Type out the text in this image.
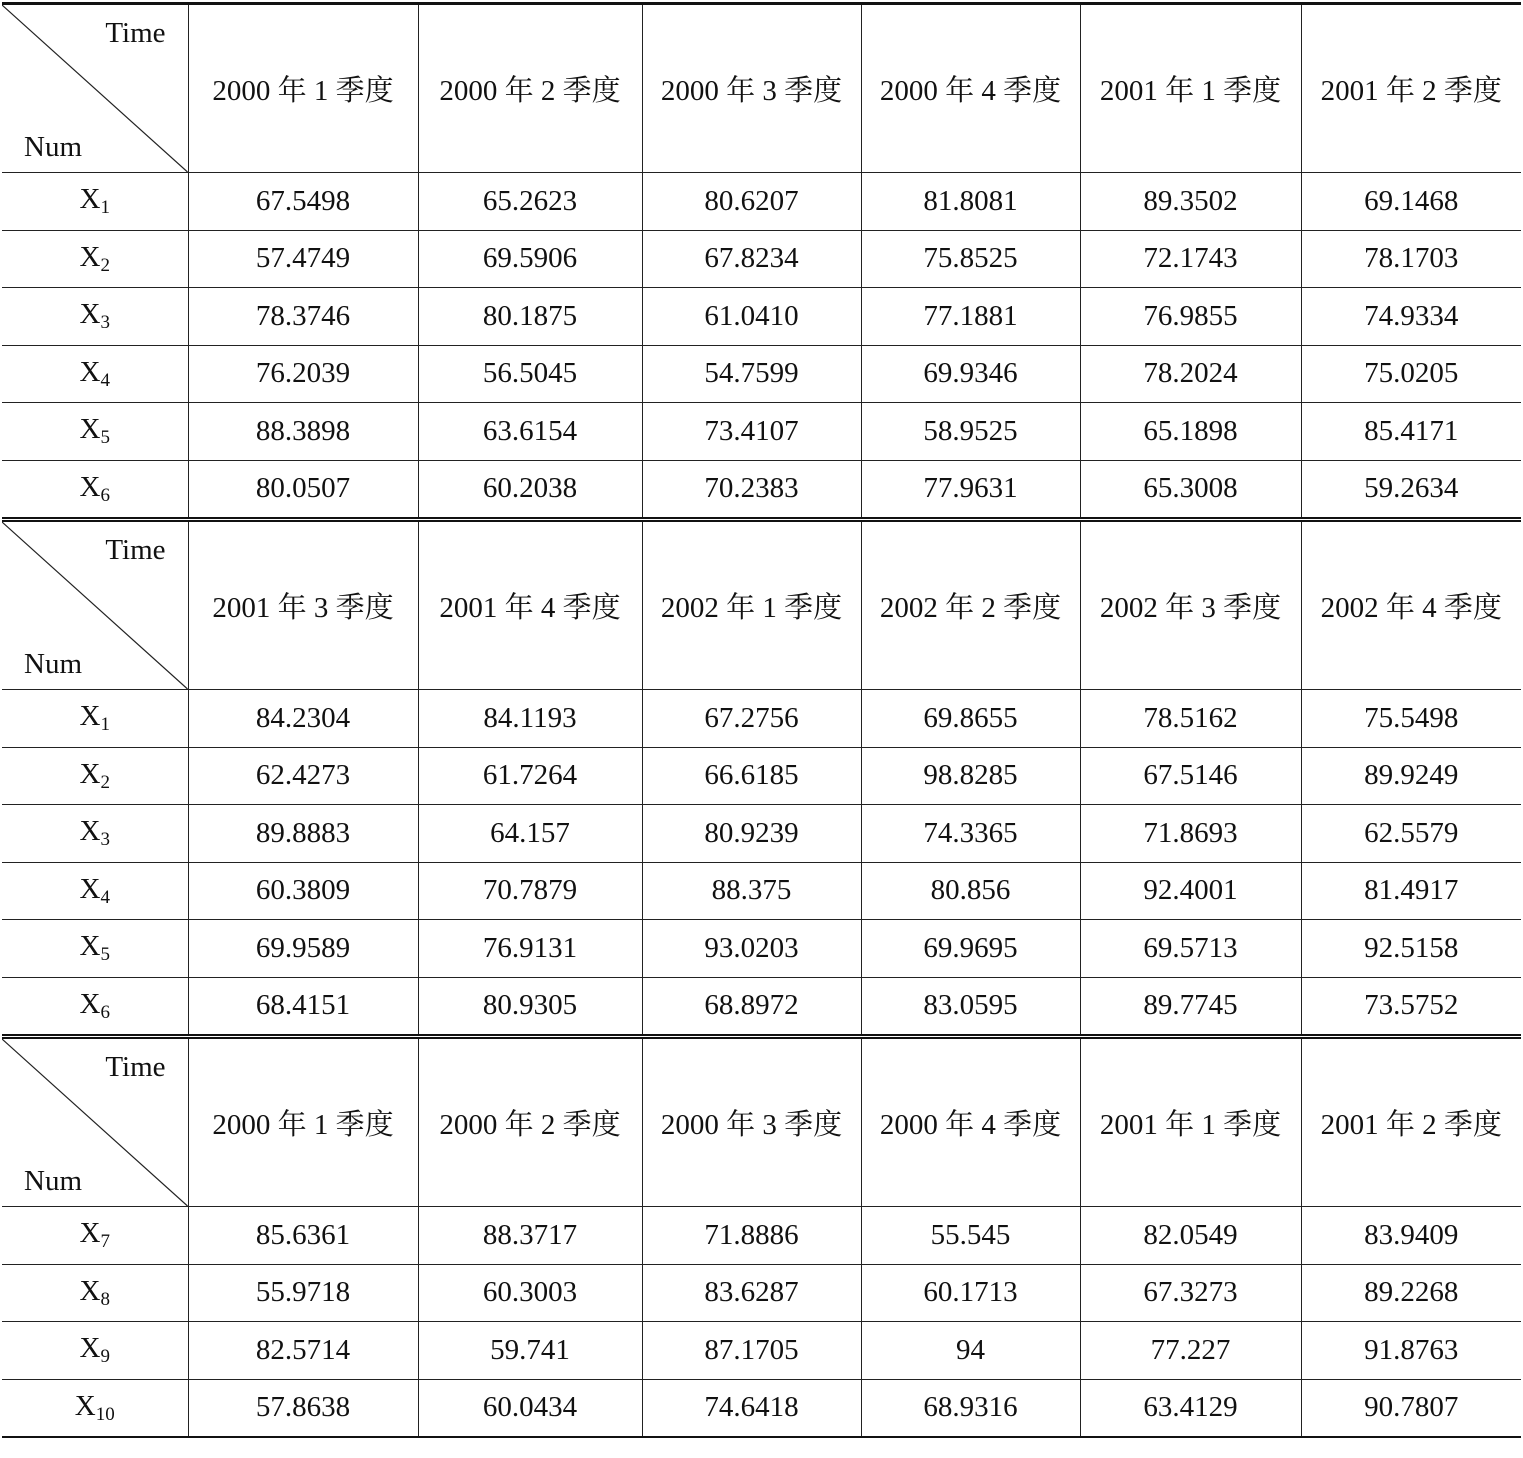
Time
Num	2000 年 1 季度	2000 年 2 季度	2000 年 3 季度	2000 年 4 季度	2001 年 1 季度	2001 年 2 季度
$X_1$	67.5498	65.2623	80.6207	81.8081	89.3502	69.1468
$X_2$	57.4749	69.5906	67.8234	75.8525	72.1743	78.1703
$X_3$	78.3746	80.1875	61.0410	77.1881	76.9855	74.9334
$X_4$	76.2039	56.5045	54.7599	69.9346	78.2024	75.0205
$X_5$	88.3898	63.6154	73.4107	58.9525	65.1898	85.4171
$X_6$	80.0507	60.2038	70.2383	77.9631	65.3008	59.2634

Time
Num	2001 年 3 季度	2001 年 4 季度	2002 年 1 季度	2002 年 2 季度	2002 年 3 季度	2002 年 4 季度
$X_1$	84.2304	84.1193	67.2756	69.8655	78.5162	75.5498
$X_2$	62.4273	61.7264	66.6185	98.8285	67.5146	89.9249
$X_3$	89.8883	64.157	80.9239	74.3365	71.8693	62.5579
$X_4$	60.3809	70.7879	88.375	80.856	92.4001	81.4917
$X_5$	69.9589	76.9131	93.0203	69.9695	69.5713	92.5158
$X_6$	68.4151	80.9305	68.8972	83.0595	89.7745	73.5752

Time
Num	2000 年 1 季度	2000 年 2 季度	2000 年 3 季度	2000 年 4 季度	2001 年 1 季度	2001 年 2 季度
$X_7$	85.6361	88.3717	71.8886	55.545	82.0549	83.9409
$X_8$	55.9718	60.3003	83.6287	60.1713	67.3273	89.2268
$X_9$	82.5714	59.741	87.1705	94	77.227	91.8763
$X_{10}$	57.8638	60.0434	74.6418	68.9316	63.4129	90.7807
